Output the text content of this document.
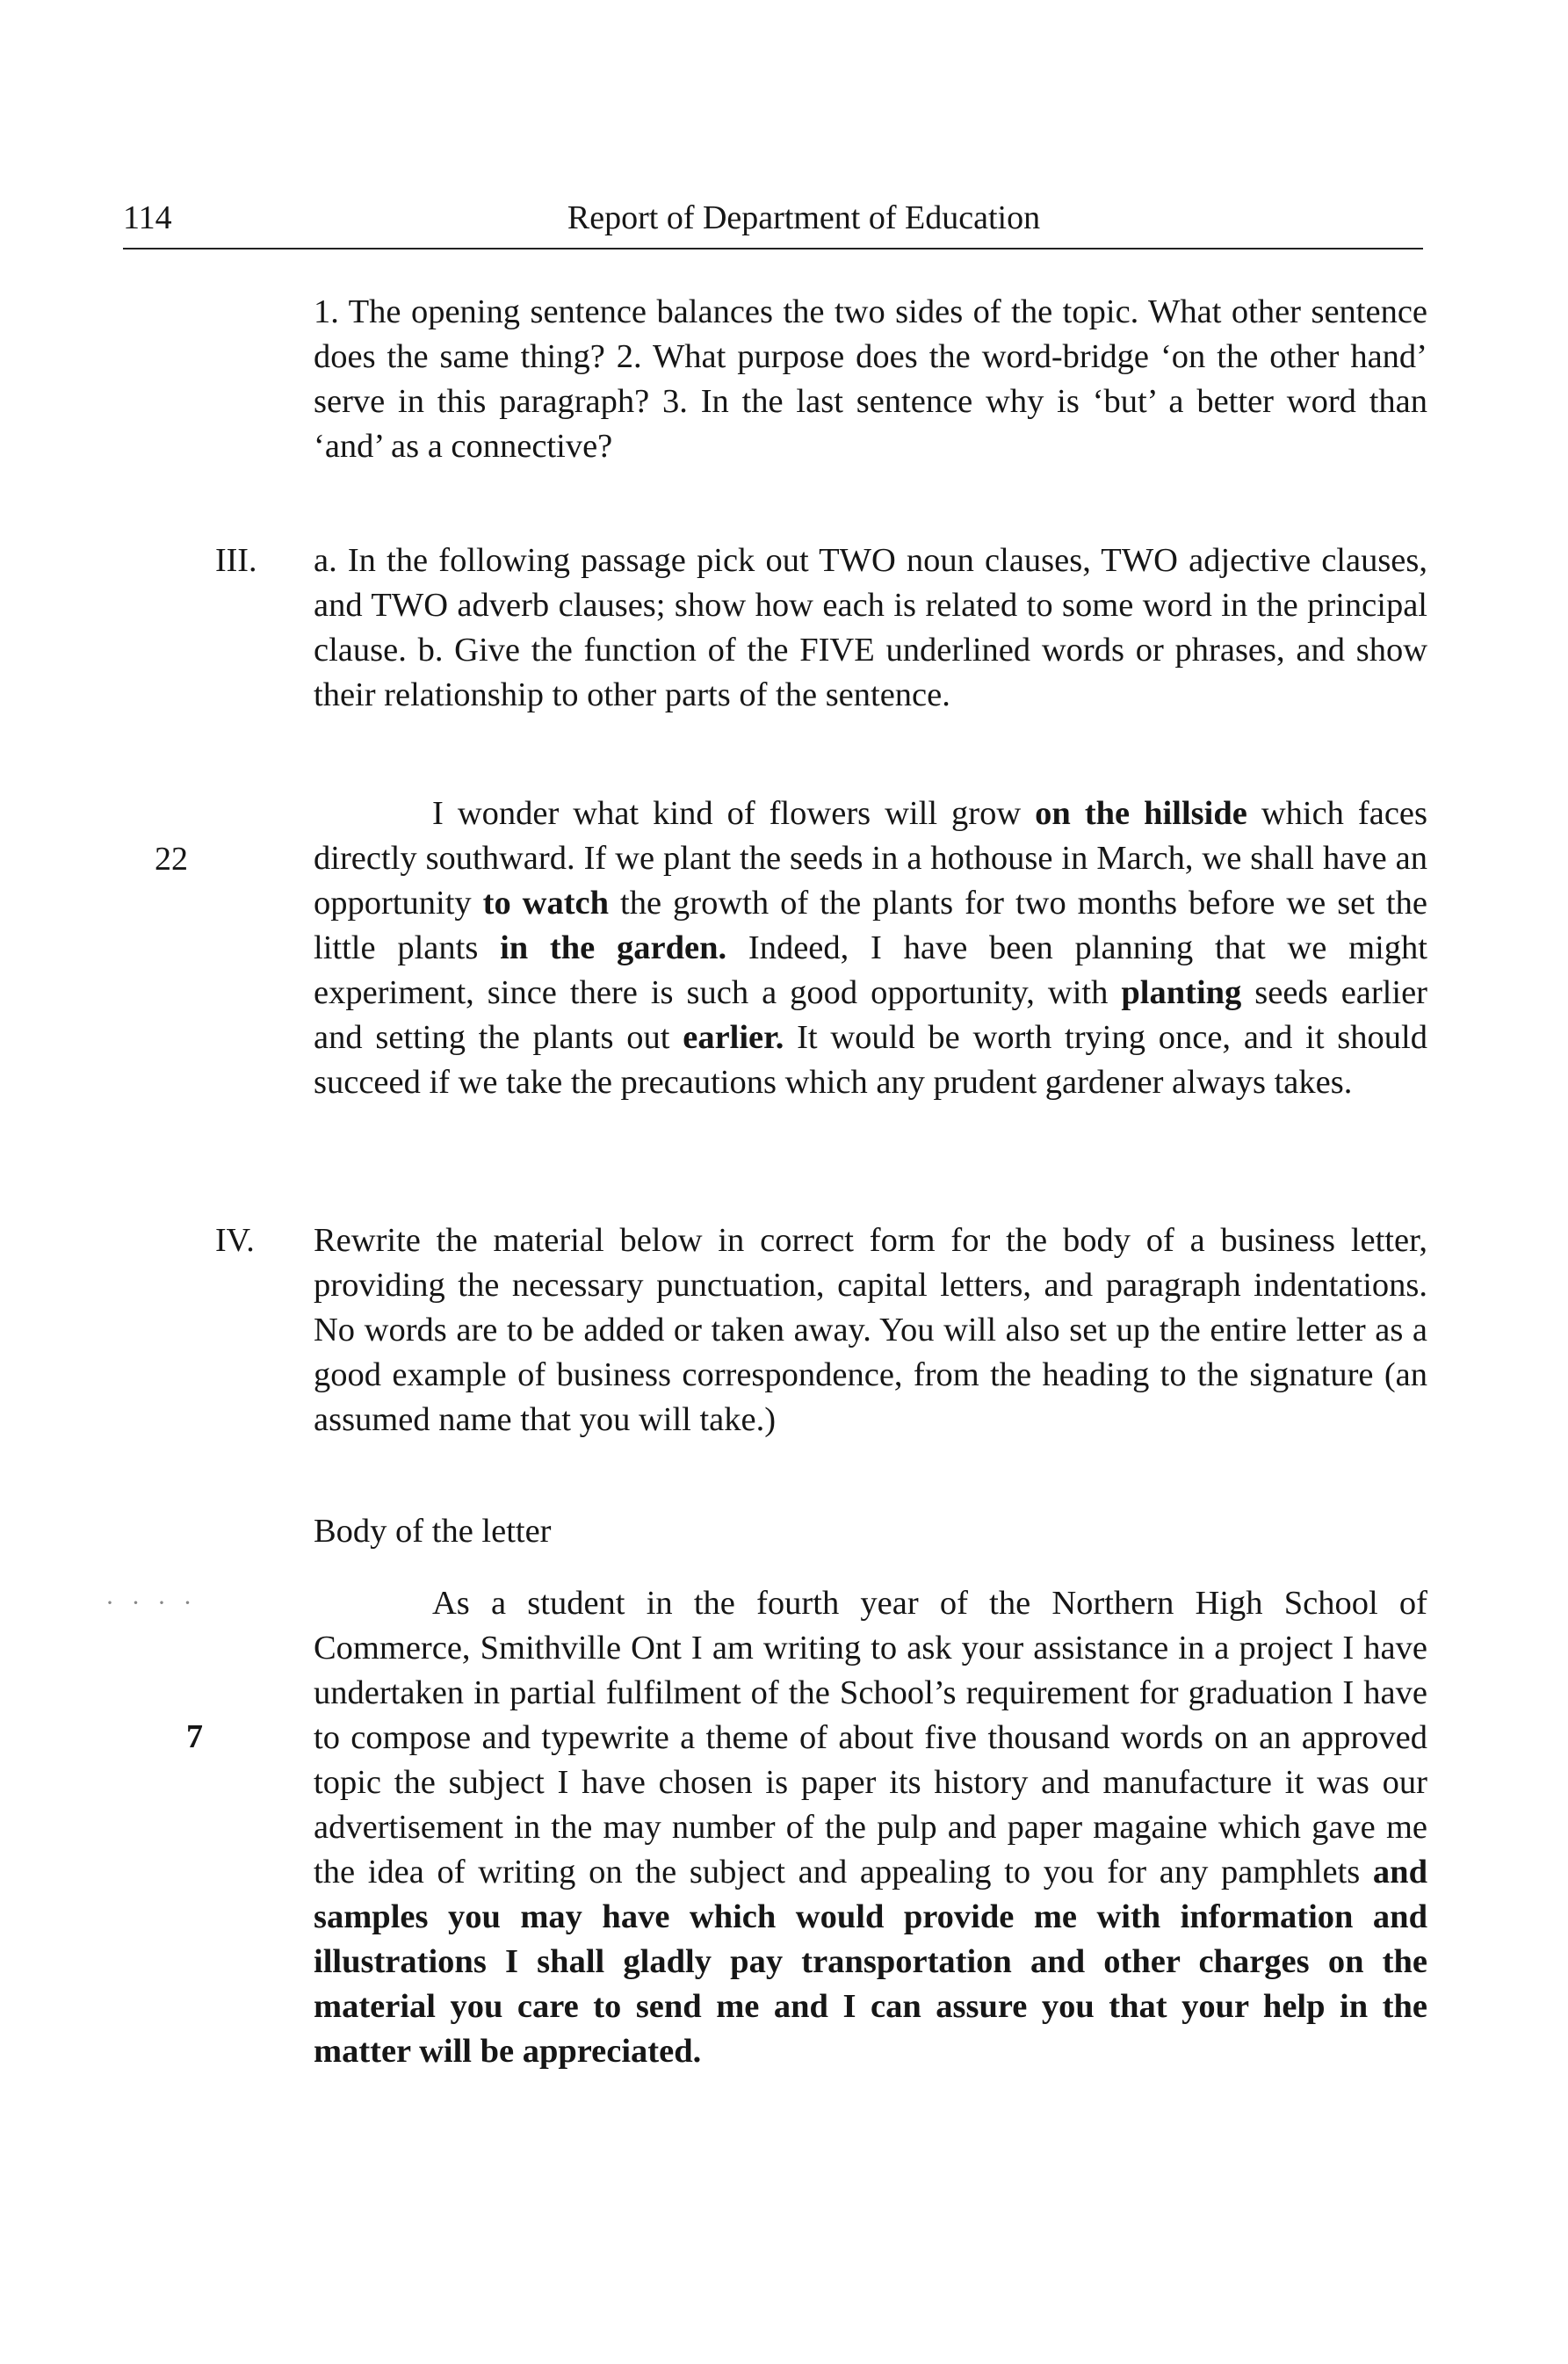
114	Report of Department of Education

1. The opening sentence balances the two sides of the topic. What other sentence does the same thing? 2. What purpose does the word-bridge ‘on the other hand’ serve in this paragraph? 3. In the last sentence why is ‘but’ a better word than ‘and’ as a connective?

III. a. In the following passage pick out TWO noun clauses, TWO adjective clauses, and TWO adverb clauses; show how each is related to some word in the principal clause. b. Give the function of the FIVE underlined words or phrases, and show their relationship to other parts of the sentence.

22

I wonder what kind of flowers will grow on the hillside which faces directly southward. If we plant the seeds in a hothouse in March, we shall have an opportunity to watch the growth of the plants for two months before we set the little plants in the garden. Indeed, I have been planning that we might experiment, since there is such a good opportunity, with planting seeds earlier and setting the plants out earlier. It would be worth trying once, and it should succeed if we take the precautions which any prudent gardener always takes.

IV. Rewrite the material below in correct form for the body of a business letter, providing the necessary punctuation, capital letters, and paragraph indentations. No words are to be added or taken away. You will also set up the entire letter as a good example of business correspondence, from the heading to the signature (an assumed name that you will take.)

Body of the letter

· · · ·
7

As a student in the fourth year of the Northern High School of Commerce, Smithville Ont I am writing to ask your assistance in a project I have undertaken in partial fulfilment of the School’s requirement for graduation I have to compose and typewrite a theme of about five thousand words on an approved topic the subject I have chosen is paper its history and manufacture it was our advertisement in the may number of the pulp and paper magaine which gave me the idea of writing on the subject and appealing to you for any pamphlets and samples you may have which would provide me with information and illustrations I shall gladly pay transportation and other charges on the material you care to send me and I can assure you that your help in the matter will be appreciated.
